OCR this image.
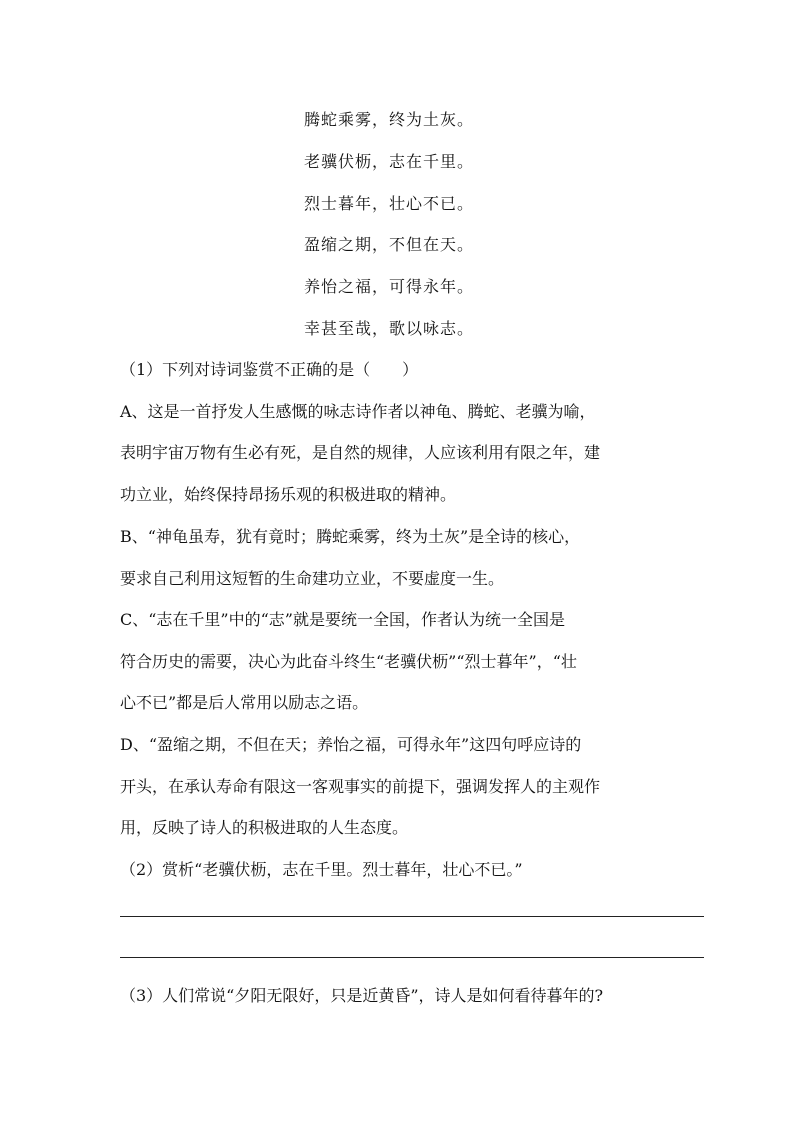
腾蛇乘雾，终为土灰。
老骥伏枥，志在千里。
烈士暮年，壮心不已。
盈缩之期，不但在天。
养怡之福，可得永年。
幸甚至哉，歌以咏志。
（1）下列对诗词鉴赏不正确的是（　　）
A、这是一首抒发人生感慨的咏志诗作者以神龟、腾蛇、老骥为喻，
表明宇宙万物有生必有死，是自然的规律，人应该利用有限之年，建
功立业，始终保持昂扬乐观的积极进取的精神。
B、“神龟虽寿，犹有竟时；腾蛇乘雾，终为土灰”是全诗的核心，
要求自己利用这短暂的生命建功立业，不要虚度一生。
C、“志在千里”中的“志”就是要统一全国，作者认为统一全国是
符合历史的需要，决心为此奋斗终生“老骥伏枥”“烈士暮年”，“壮
心不已”都是后人常用以励志之语。
D、“盈缩之期，不但在天；养怡之福，可得永年”这四句呼应诗的
开头，在承认寿命有限这一客观事实的前提下，强调发挥人的主观作
用，反映了诗人的积极进取的人生态度。
（2）赏析“老骥伏枥，志在千里。烈士暮年，壮心不已。”
（3）人们常说“夕阳无限好，只是近黄昏”，诗人是如何看待暮年的?
